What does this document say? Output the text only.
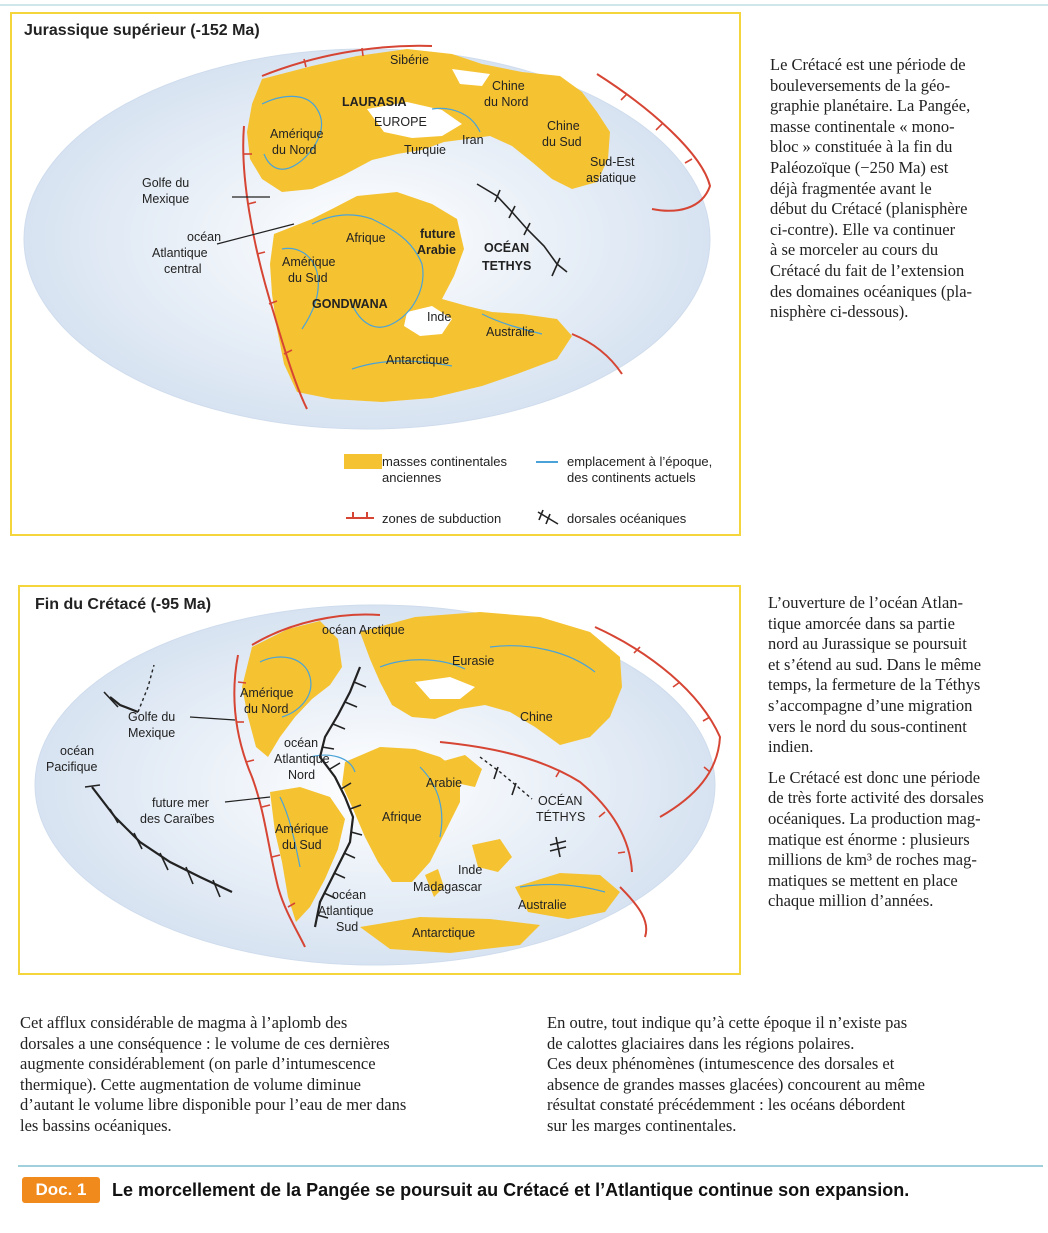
Jurassique supérieur (-152 Ma)
Sibérie
Chine
du Nord
LAURASIA
EUROPE
Iran
Chine
du Sud
Amérique
du Nord	Turquie
Sud-Est
asiatique
Golfe du
Mexique
océan
Atlantique
central
Afrique	future
Arabie OCÉAN
TETHYS
Amérique
du Sud
GONDWANA
Inde
Australie
Antarctique
masses continentales
anciennes
emplacement à l’époque,
des continents actuels
zones de subduction	dorsales océaniques
Le Crétacé est une période de
bouleversements de la géo-
graphie planétaire. La Pangée,
masse continentale « mono-
bloc » constituée à la fin du
Paléozoïque (−250 Ma) est
déjà fragmentée avant le
début du Crétacé (planisphère
ci-contre). Elle va continuer
à se morceler au cours du
Crétacé du fait de l’extension
des domaines océaniques (pla-
nisphère ci-dessous).
Fin du Crétacé (-95 Ma)
océan Arctique
Eurasie
Amérique
du Nord
Chine
Golfe du
Mexique
océan
Pacifique
océan
Atlantique
Nord
Arabie
future mer
des Caraïbes	Afrique
OCÉAN
TÉTHYS
Amérique
du Sud
Inde
Madagascar
océan
Atlantique
Sud
Australie
Antarctique

L’ouverture de l’océan Atlan-
tique amorcée dans sa partie
nord au Jurassique se poursuit
et s’étend au sud. Dans le même
temps, la fermeture de la Téthys
s’accompagne d’une migration
vers le nord du sous-continent
indien.

Le Crétacé est donc une période
de très forte activité des dorsales
océaniques. La production mag-
matique est énorme : plusieurs
millions de km³ de roches mag-
matiques se mettent en place
chaque million d’années.

Cet afflux considérable de magma à l’aplomb des
dorsales a une conséquence : le volume de ces dernières
augmente considérablement (on parle d’intumescence
thermique). Cette augmentation de volume diminue
d’autant le volume libre disponible pour l’eau de mer dans
les bassins océaniques.
En outre, tout indique qu’à cette époque il n’existe pas
de calottes glaciaires dans les régions polaires.
Ces deux phénomènes (intumescence des dorsales et
absence de grandes masses glacées) concourent au même
résultat constaté précédemment : les océans débordent
sur les marges continentales.
Doc. 1	Le morcellement de la Pangée se poursuit au Crétacé et l’Atlantique continue son expansion.
